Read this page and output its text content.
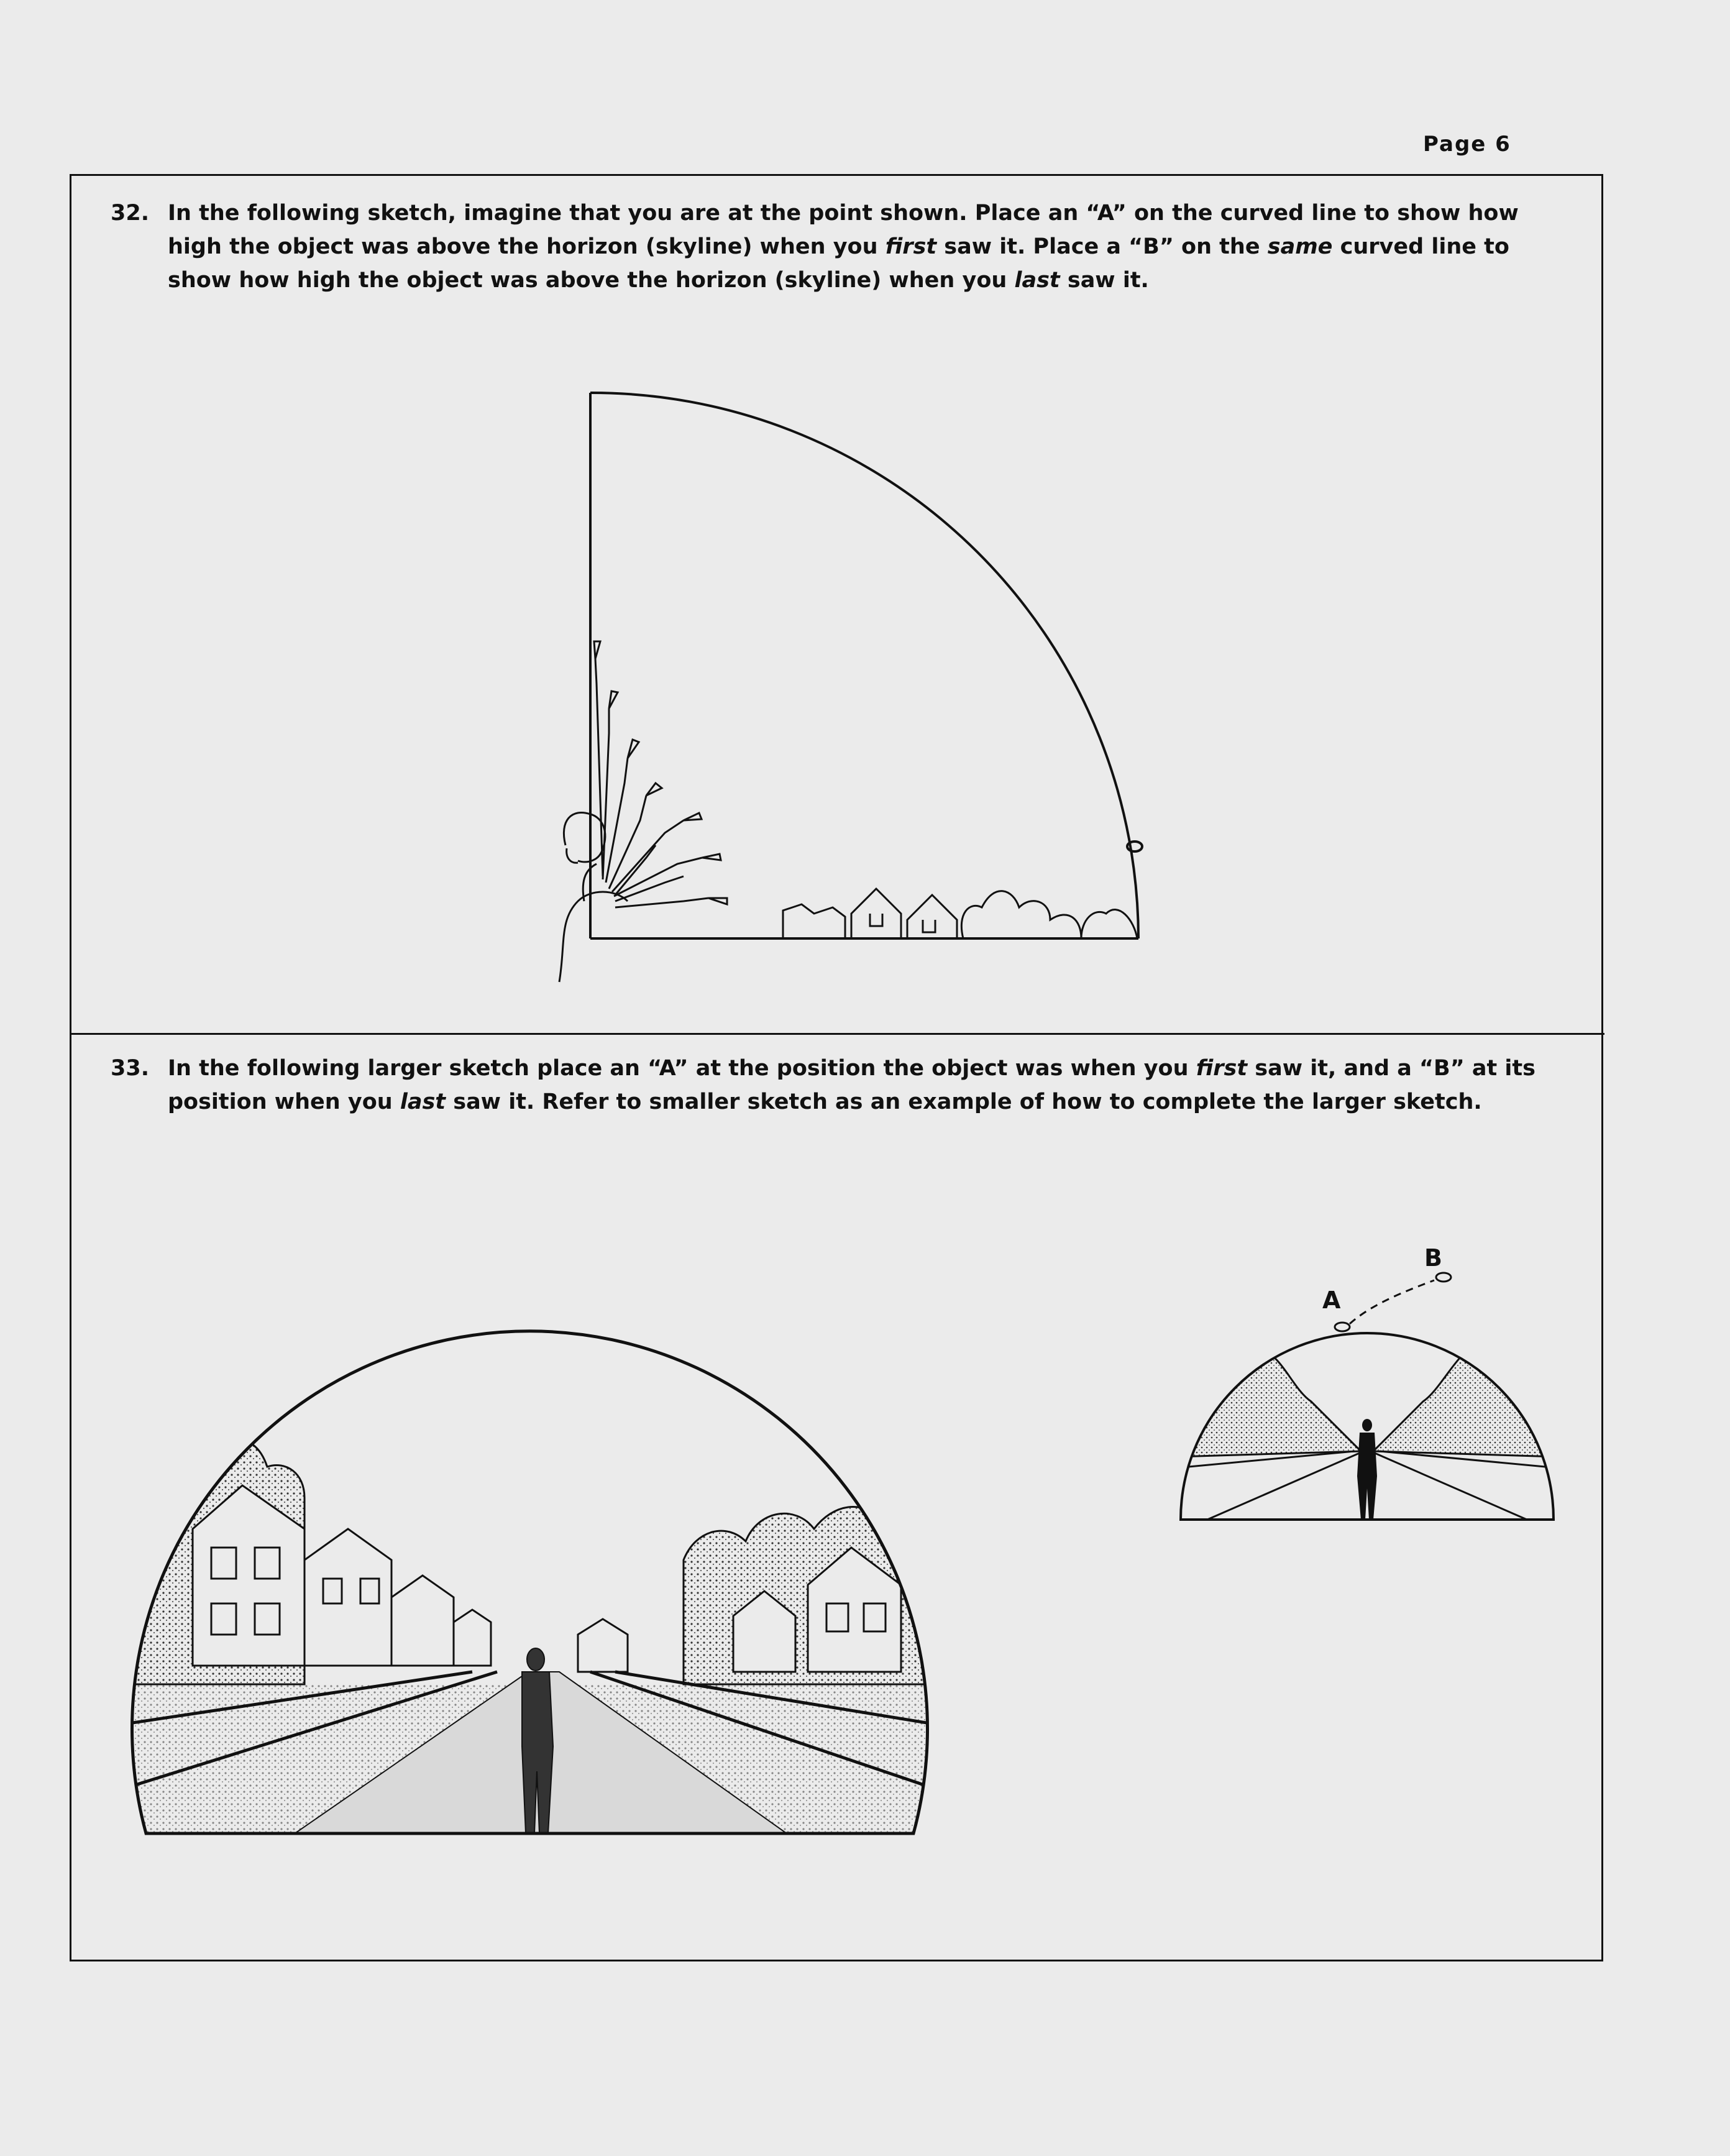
Page 6
32. In the following sketch, imagine that you are at the point shown. Place an “A” on the curved line to show how
high the object was above the horizon (skyline) when you first saw it. Place a “B” on the same curved line to
show how high the object was above the horizon (skyline) when you last saw it.
33. In the following larger sketch place an “A” at the position the object was when you first saw it, and a “B” at its
position when you last saw it. Refer to smaller sketch as an example of how to complete the larger sketch.
A
B
